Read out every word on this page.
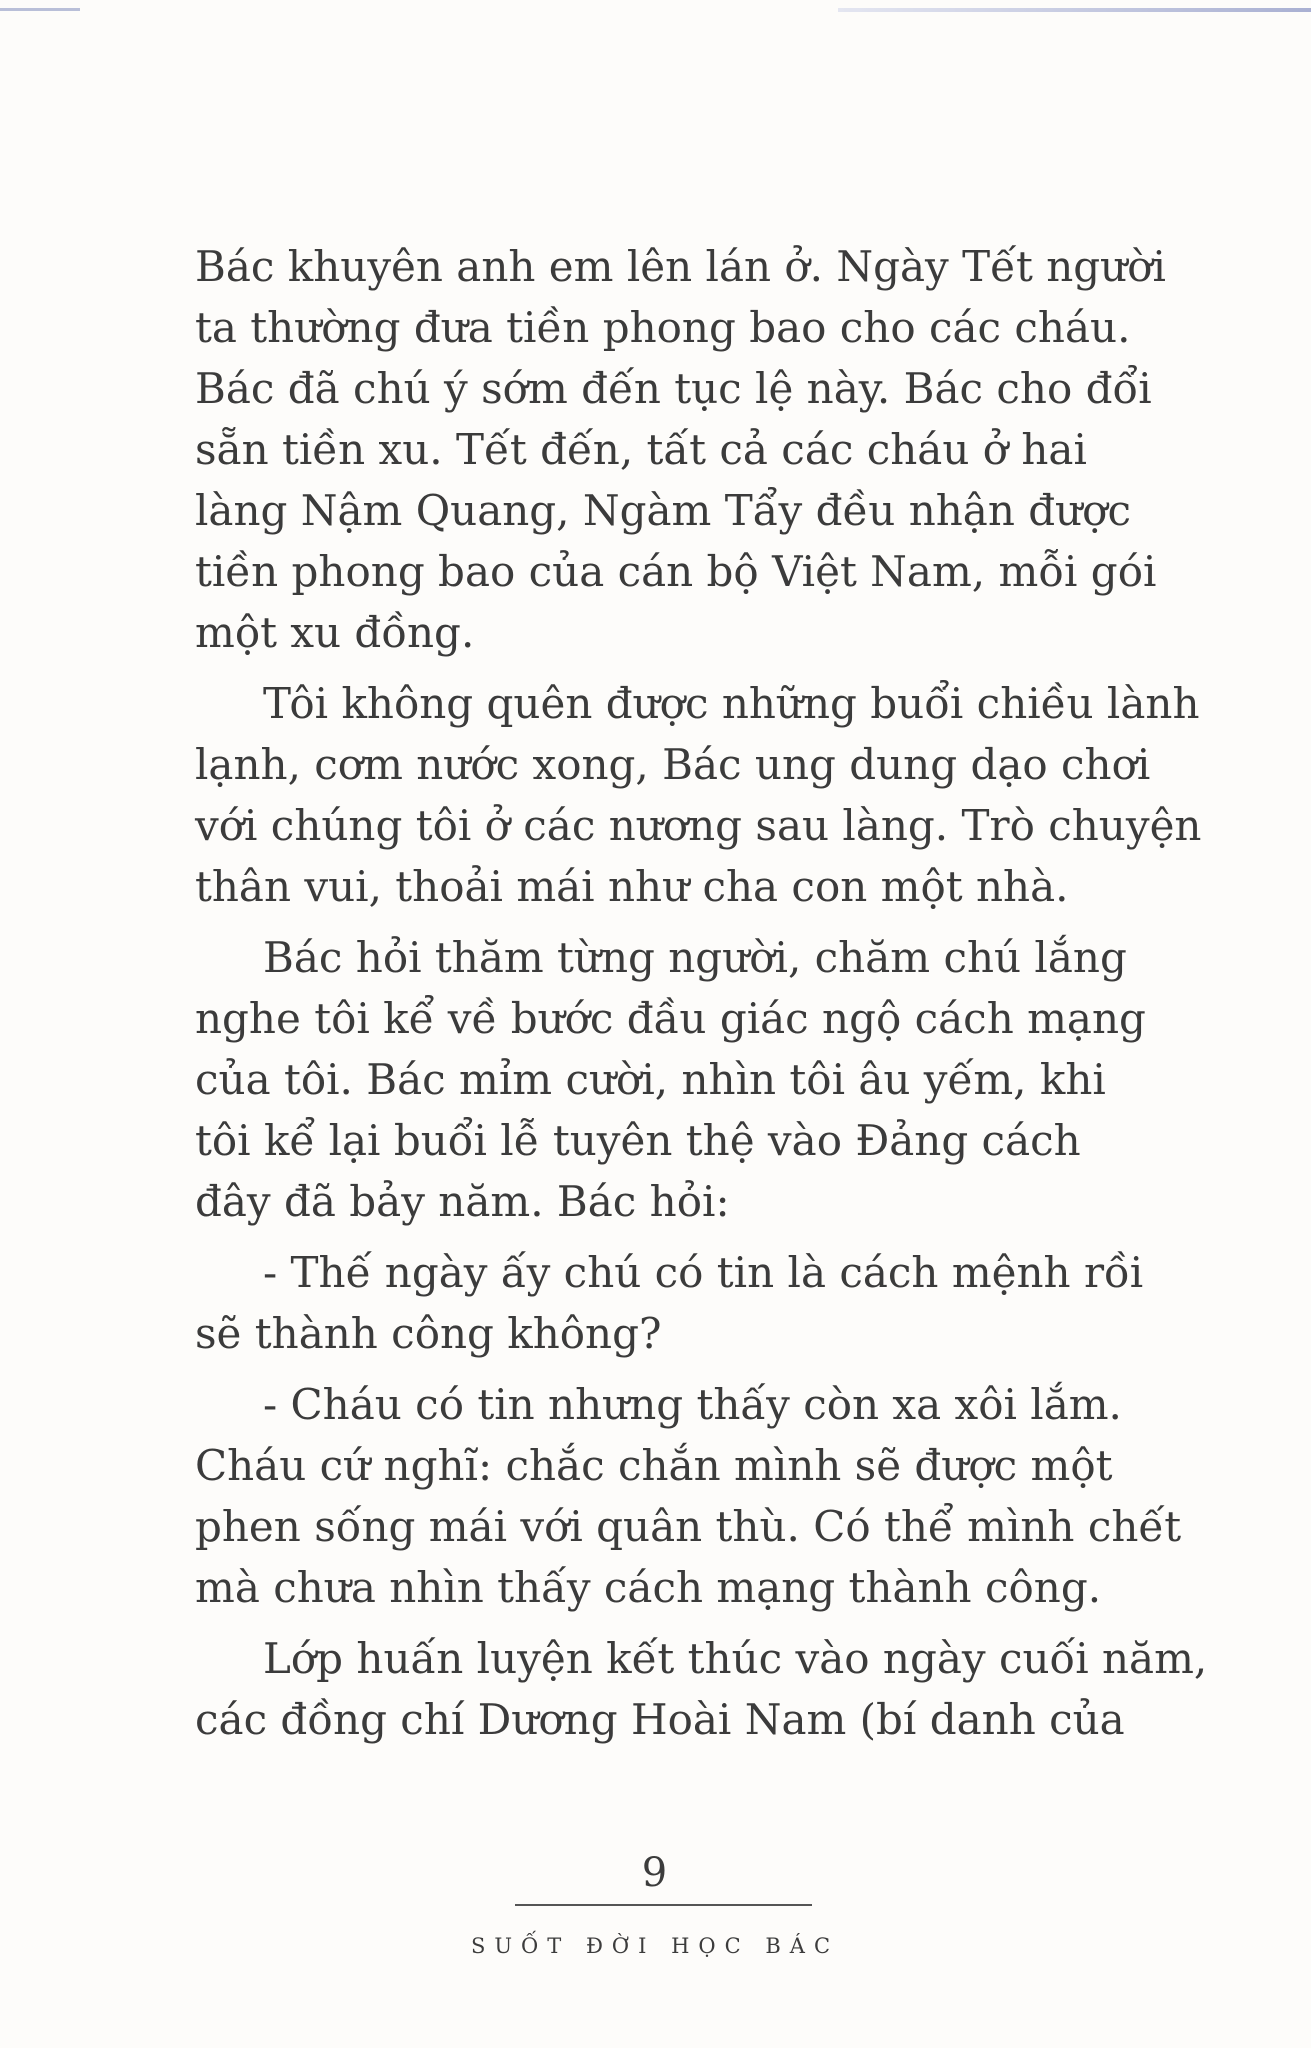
Bác khuyên anh em lên lán ở. Ngày Tết người
ta thường đưa tiền phong bao cho các cháu.
Bác đã chú ý sớm đến tục lệ này. Bác cho đổi
sẵn tiền xu. Tết đến, tất cả các cháu ở hai
làng Nậm Quang, Ngàm Tẩy đều nhận được
tiền phong bao của cán bộ Việt Nam, mỗi gói
một xu đồng.

Tôi không quên được những buổi chiều lành
lạnh, cơm nước xong, Bác ung dung dạo chơi
với chúng tôi ở các nương sau làng. Trò chuyện
thân vui, thoải mái như cha con một nhà.

Bác hỏi thăm từng người, chăm chú lắng
nghe tôi kể về bước đầu giác ngộ cách mạng
của tôi. Bác mỉm cười, nhìn tôi âu yếm, khi
tôi kể lại buổi lễ tuyên thệ vào Đảng cách
đây đã bảy năm. Bác hỏi:

- Thế ngày ấy chú có tin là cách mệnh rồi
sẽ thành công không?

- Cháu có tin nhưng thấy còn xa xôi lắm.
Cháu cứ nghĩ: chắc chắn mình sẽ được một
phen sống mái với quân thù. Có thể mình chết
mà chưa nhìn thấy cách mạng thành công.

Lớp huấn luyện kết thúc vào ngày cuối năm,
các đồng chí Dương Hoài Nam (bí danh của

9
SUỐT ĐỜI HỌC BÁC
